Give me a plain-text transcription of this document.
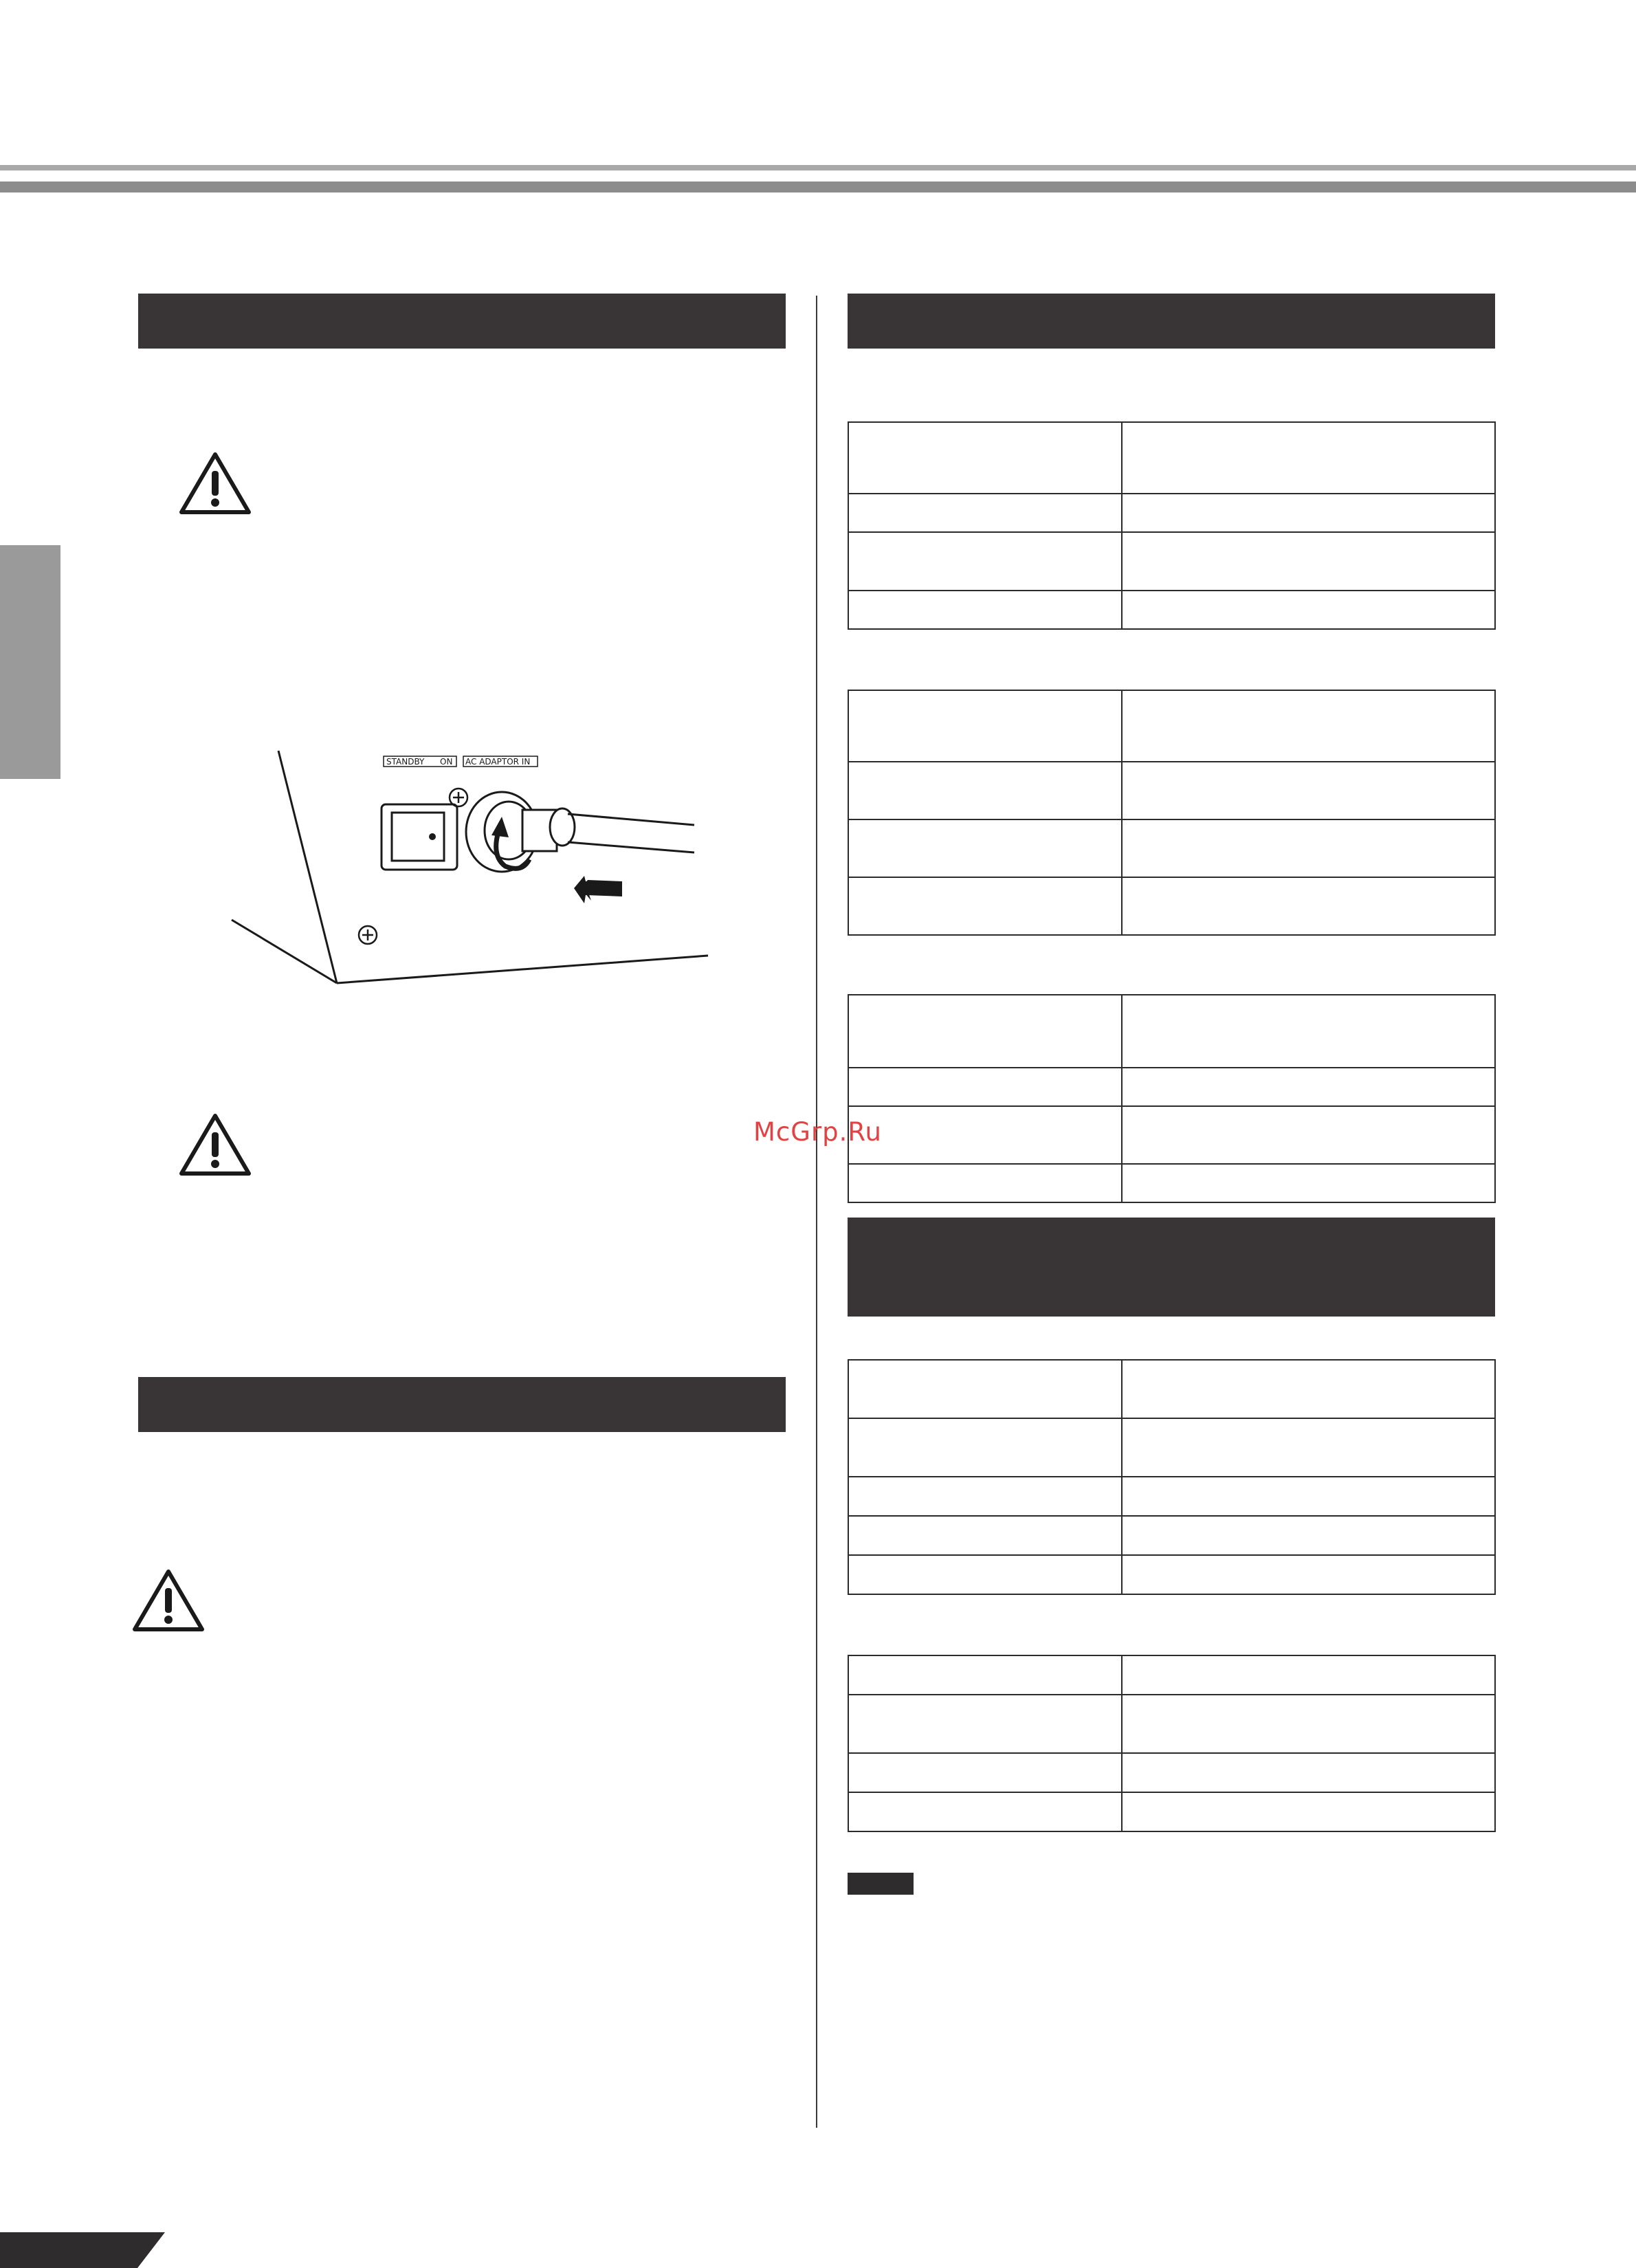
STANDBY ON AC ADAPTOR IN

McGrp.Ru
